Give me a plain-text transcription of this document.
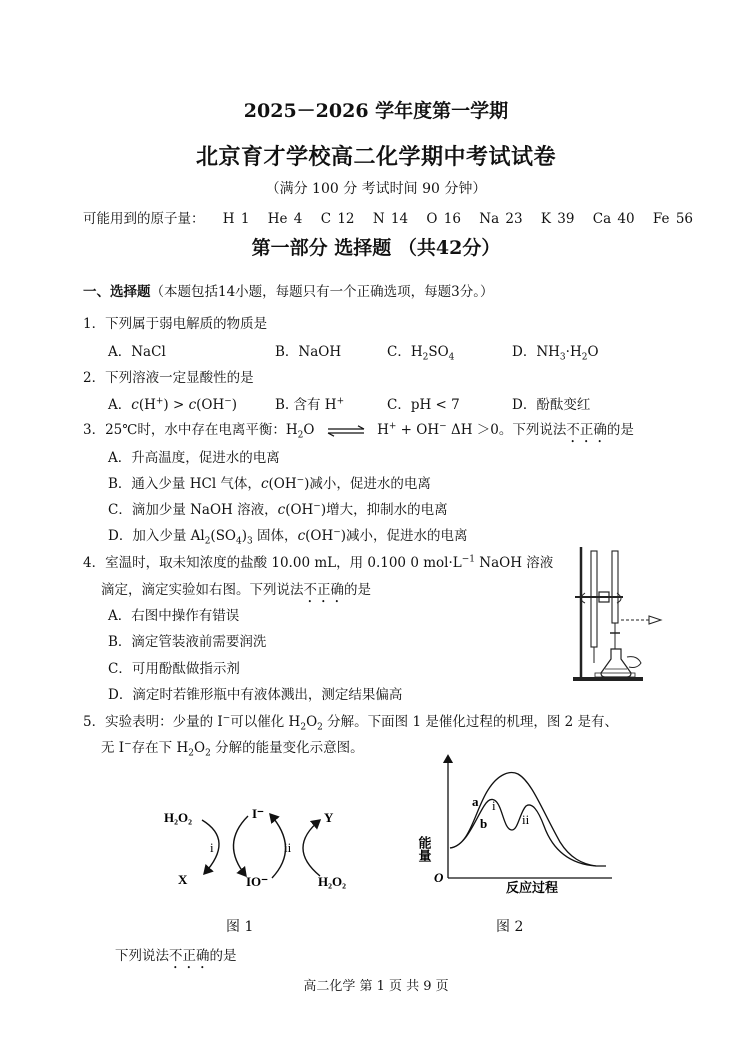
2025－2026 学年度第一学期
北京育才学校高二化学期中考试试卷
（满分 100 分 考试时间 90 分钟）
可能用到的原子量： H 1 He 4 C 12 N 14 O 16 Na 23 K 39 Ca 40 Fe 56
第一部分 选择题 （共42分）
一、选择题（本题包括14小题，每题只有一个正确选项，每题3分。）
1．下列属于弱电解质的物质是
A．NaCl	B．NaOH	C．$H_2SO_4$	D．$NH_3\cdot H_2O$
2．下列溶液一定显酸性的是
A．c(H+) > c(OH−)	B. 含有 H+	C．pH < 7	D．酚酞变红
3．25℃时，水中存在电离平衡：$H_2O$ ⇌ H+ + OH− ΔH ＞0。下列说法不正确的是
A．升高温度，促进水的电离
B．通入少量 HCl 气体，c(OH−)减小，促进水的电离
C．滴加少量 NaOH 溶液，c(OH−)增大，抑制水的电离
D．加入少量 $Al_2(SO_4)_3$ 固体，c(OH−)减小，促进水的电离
4．室温时，取未知浓度的盐酸 10.00 mL，用 0.100 0 $mol\cdot L^{-1}$ NaOH 溶液
滴定，滴定实验如右图。下列说法不正确的是
A．右图中操作有错误
B．滴定管装液前需要润洗
C．可用酚酞做指示剂
D．滴定时若锥形瓶中有液体溅出，测定结果偏高
5．实验表明：少量的 I−可以催化 $H_2O_2$ 分解。下面图 1 是催化过程的机理，图 2 是有、
无 I−存在下 $H_2O_2$ 分解的能量变化示意图。
H₂O₂	I⁻	Y
X	IO⁻	H₂O₂
i	ii	能量
反应过程
O
a
b
i
ii
图 1	图 2
下列说法不正确的是
高二化学 第 1 页 共 9 页
